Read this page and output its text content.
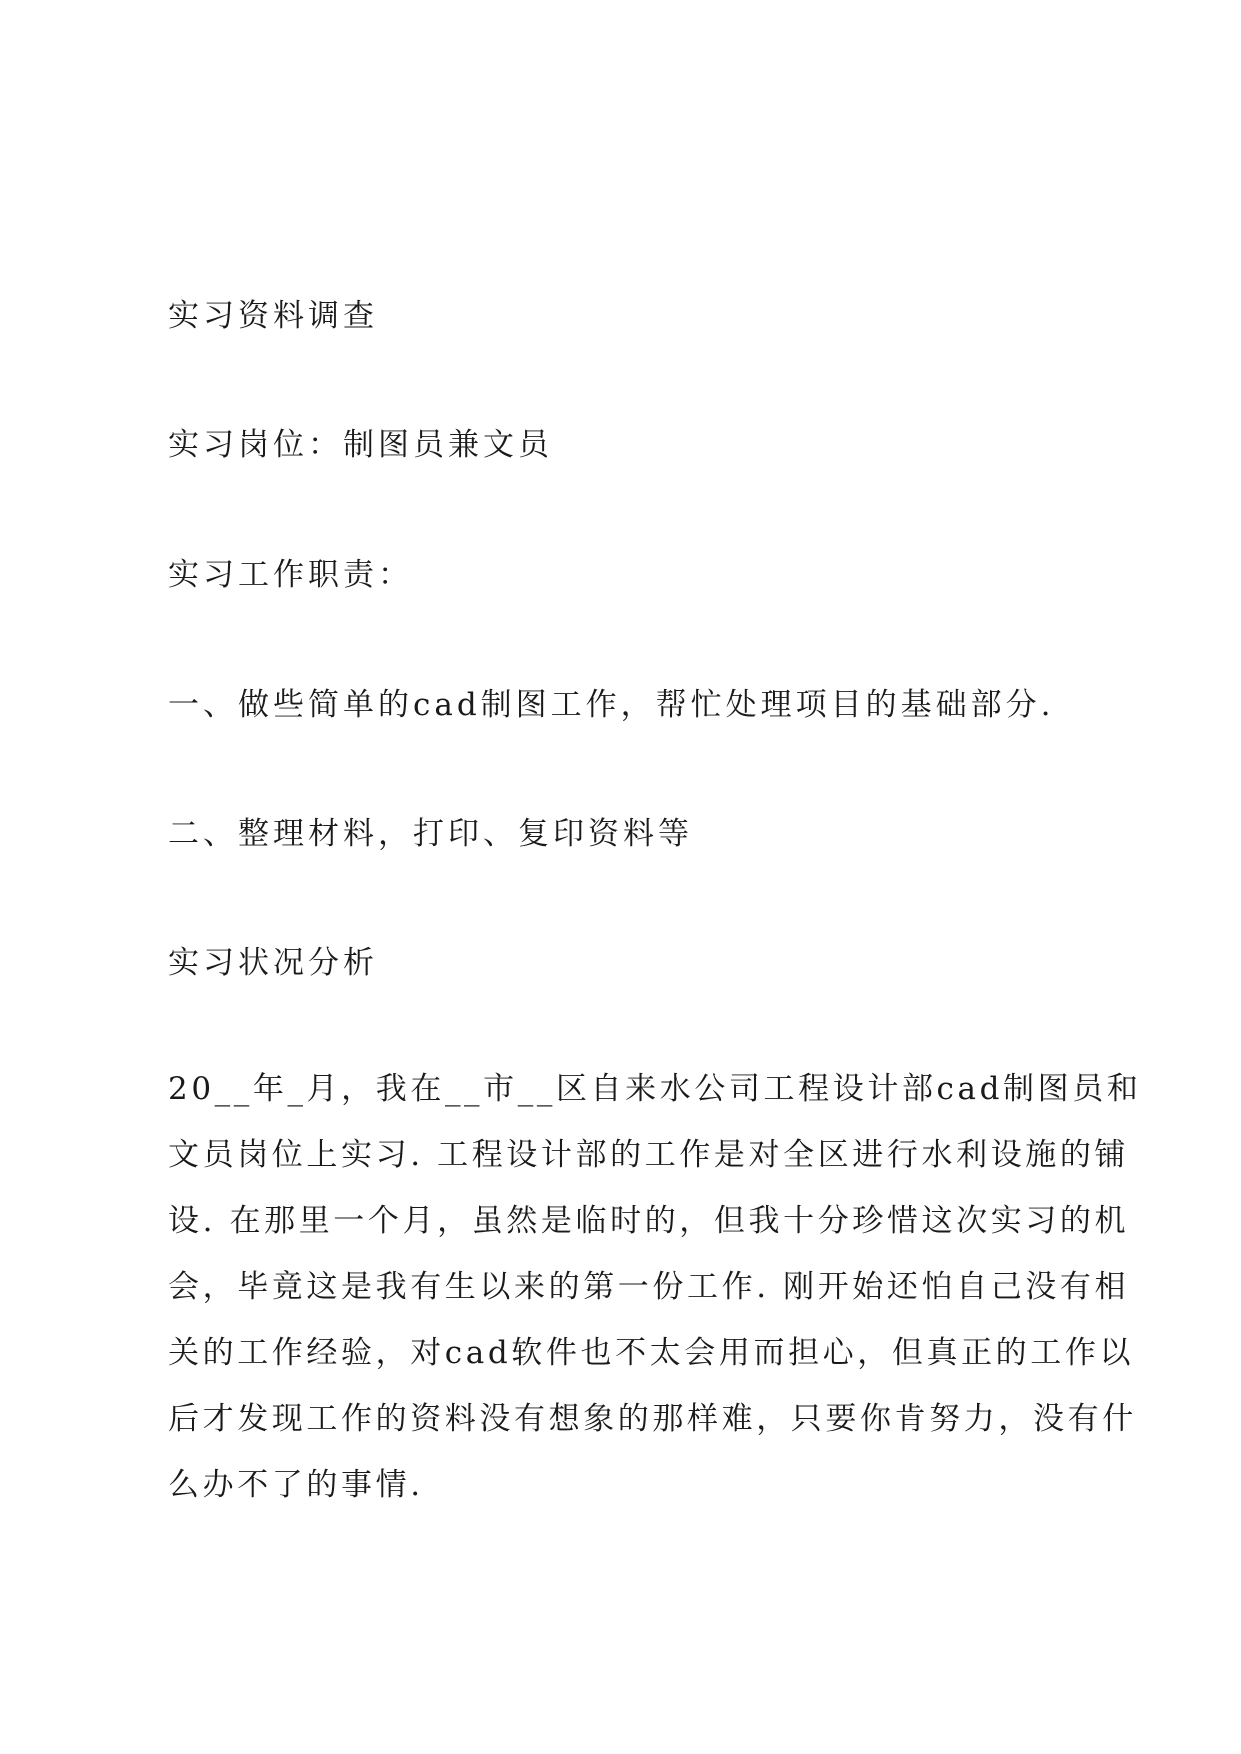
实习资料调查
实习岗位：制图员兼文员
实习工作职责：
一、做些简单的cad制图工作，帮忙处理项目的基础部分.
二、整理材料，打印、复印资料等
实习状况分析
20__年_月，我在__市__区自来水公司工程设计部cad制图员和
文员岗位上实习. 工程设计部的工作是对全区进行水利设施的铺
设. 在那里一个月，虽然是临时的，但我十分珍惜这次实习的机
会，毕竟这是我有生以来的第一份工作. 刚开始还怕自己没有相
关的工作经验，对cad软件也不太会用而担心，但真正的工作以
后才发现工作的资料没有想象的那样难，只要你肯努力，没有什
么办不了的事情.
